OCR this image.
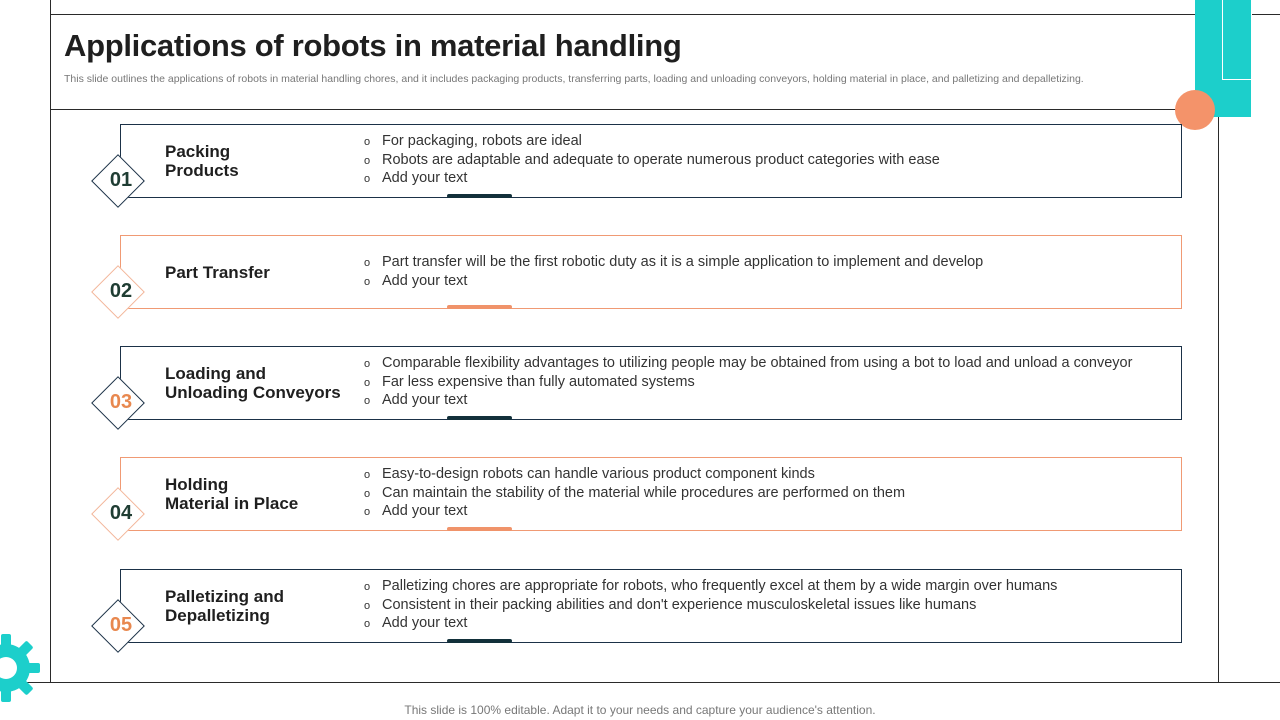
Applications of robots in material handling

This slide outlines the applications of robots in material handling chores, and it includes packaging products, transferring parts, loading and unloading conveyors, holding material in place, and palletizing and depalletizing.

01
Packing
Products
o For packaging, robots are ideal
o Robots are adaptable and adequate to operate numerous product categories with ease
o Add your text
02
Part Transfer
o Part transfer will be the first robotic duty as it is a simple application to implement and develop
o Add your text
03
Loading and
Unloading Conveyors
o Comparable flexibility advantages to utilizing people may be obtained from using a bot to load and unload a conveyor
o Far less expensive than fully automated systems
o Add your text
04
Holding
Material in Place
o Easy-to-design robots can handle various product component kinds
o Can maintain the stability of the material while procedures are performed on them
o Add your text
05
Palletizing and
Depalletizing
o Palletizing chores are appropriate for robots, who frequently excel at them by a wide margin over humans
o Consistent in their packing abilities and don't experience musculoskeletal issues like humans
o Add your text
This slide is 100% editable. Adapt it to your needs and capture your audience's attention.
